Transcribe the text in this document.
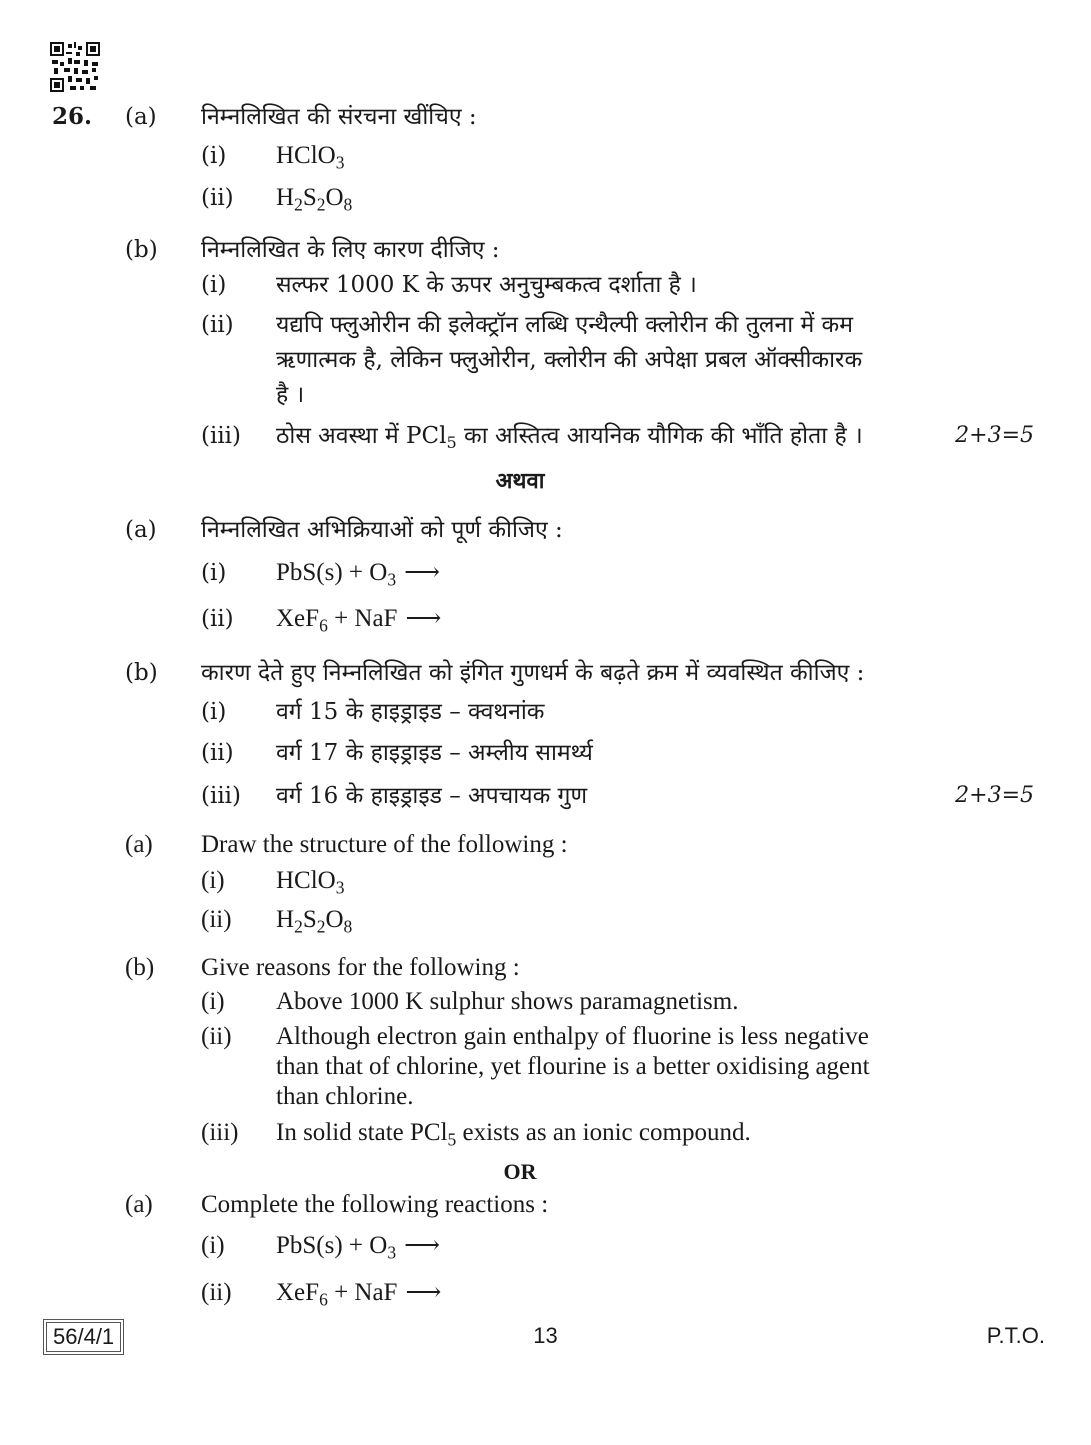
26. (a) निम्नलिखित की संरचना खींचिए :
(i) HClO$_3$
(ii) $H_2S_2O_8$
(b) निम्नलिखित के लिए कारण दीजिए :
(i) सल्फर 1000 K के ऊपर अनुचुम्बकत्व दर्शाता है ।
(ii) यद्यपि फ्लुओरीन की इलेक्ट्रॉन लब्धि एन्थैल्पी क्लोरीन की तुलना में कम
ऋणात्मक है, लेकिन फ्लुओरीन, क्लोरीन की अपेक्षा प्रबल ऑक्सीकारक
है ।
(iii) ठोस अवस्था में PCl$_5$ का अस्तित्व आयनिक यौगिक की भाँति होता है ।	2+3=5
अथवा
(a) निम्नलिखित अभिक्रियाओं को पूर्ण कीजिए :
(i) $PbS(s) + O_3$ ⟶
(ii) XeF$_6$ + NaF ⟶
(b) कारण देते हुए निम्नलिखित को इंगित गुणधर्म के बढ़ते क्रम में व्यवस्थित कीजिए :
(i) वर्ग 15 के हाइड्राइड – क्वथनांक
(ii) वर्ग 17 के हाइड्राइड – अम्लीय सामर्थ्य
(iii) वर्ग 16 के हाइड्राइड – अपचायक गुण	2+3=5
(a) Draw the structure of the following :
(i) HClO$_3$
(ii) $H_2S_2O_8$
(b) Give reasons for the following :
(i) Above 1000 K sulphur shows paramagnetism.
(ii) Although electron gain enthalpy of fluorine is less negative
than that of chlorine, yet flourine is a better oxidising agent
than chlorine.
(iii) In solid state PCl$_5$ exists as an ionic compound.
OR
(a) Complete the following reactions :
(i) $PbS(s) + O_3$ ⟶
(ii) XeF$_6$ + NaF ⟶
56/4/1	13	P.T.O.
